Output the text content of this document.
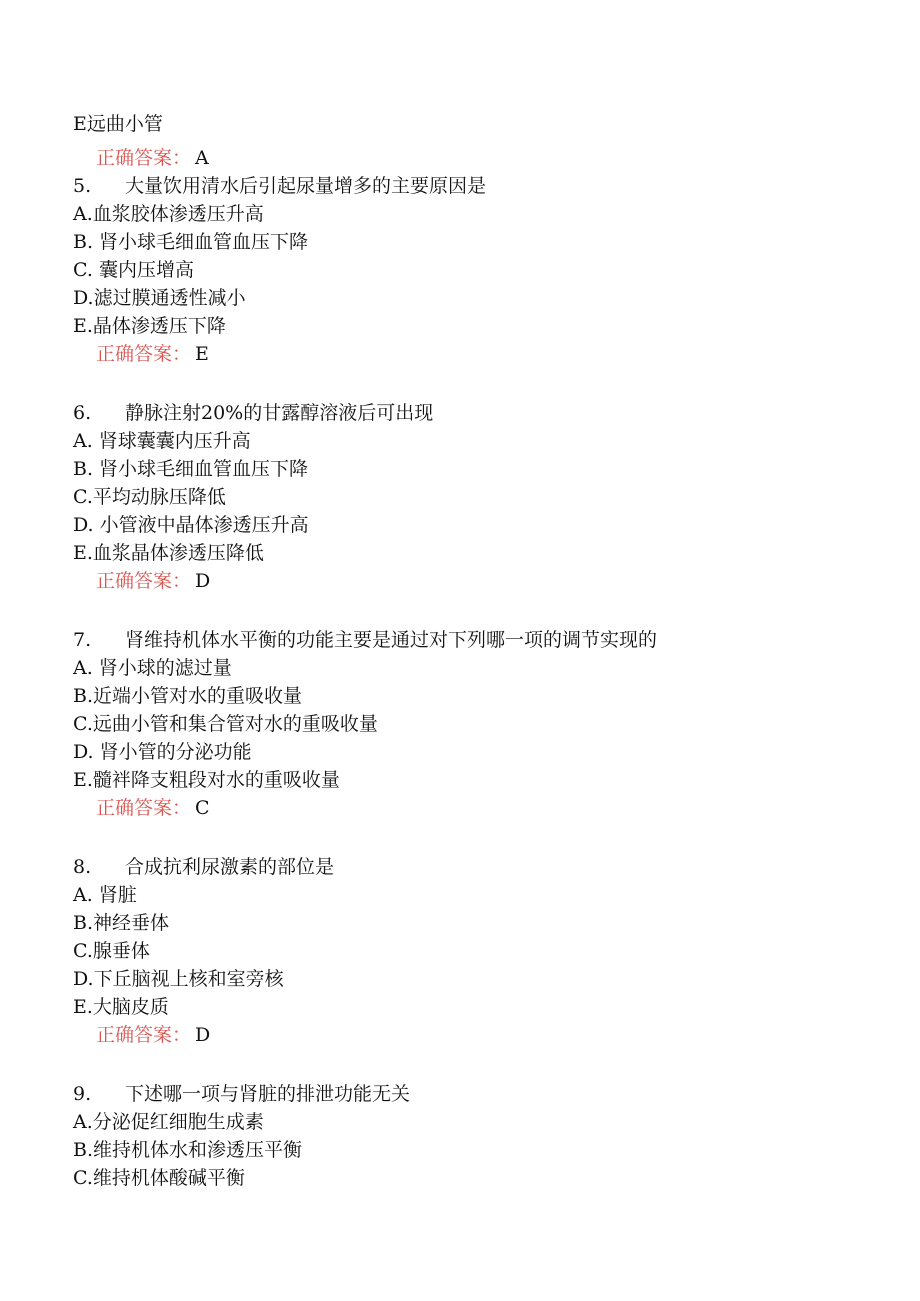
E远曲小管
正确答案： A
5. 大量饮用清水后引起尿量增多的主要原因是
A.血浆胶体渗透压升高
B. 肾小球毛细血管血压下降
C. 囊内压增高
D.滤过膜通透性减小
E.晶体渗透压下降
正确答案： E
6. 静脉注射20%的甘露醇溶液后可出现
A. 肾球囊囊内压升高
B. 肾小球毛细血管血压下降
C.平均动脉压降低
D. 小管液中晶体渗透压升高
E.血浆晶体渗透压降低
正确答案： D
7. 肾维持机体水平衡的功能主要是通过对下列哪一项的调节实现的
A. 肾小球的滤过量
B.近端小管对水的重吸收量
C.远曲小管和集合管对水的重吸收量
D. 肾小管的分泌功能
E.髓袢降支粗段对水的重吸收量
正确答案： C
8. 合成抗利尿激素的部位是
A. 肾脏
B.神经垂体
C.腺垂体
D.下丘脑视上核和室旁核
E.大脑皮质
正确答案： D
9. 下述哪一项与肾脏的排泄功能无关
A.分泌促红细胞生成素
B.维持机体水和渗透压平衡
C.维持机体酸碱平衡
